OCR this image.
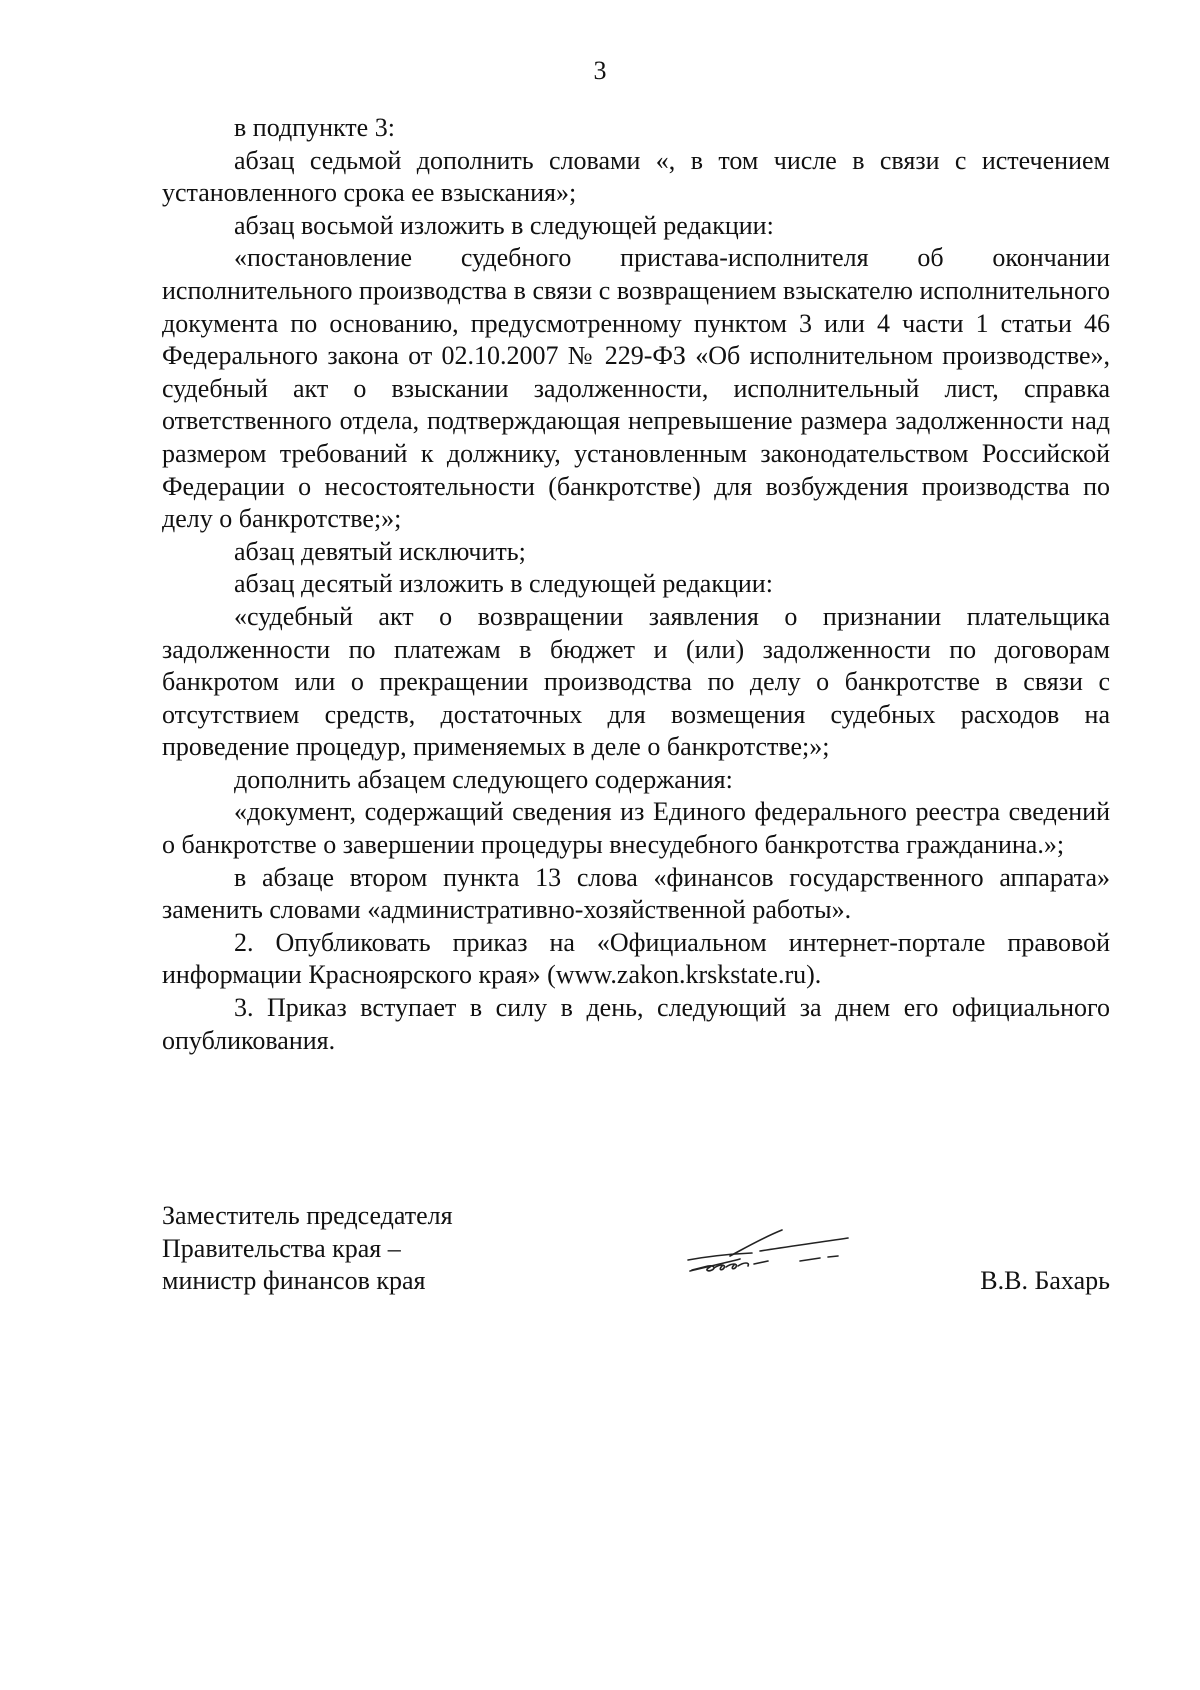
3

в подпункте 3:

абзац седьмой дополнить словами «, в том числе в связи с истечением установленного срока ее взыскания»;

абзац восьмой изложить в следующей редакции:

«постановление судебного пристава-исполнителя об окончании исполнительного производства в связи с возвращением взыскателю исполнительного документа по основанию, предусмотренному пунктом 3 или 4 части 1 статьи 46 Федерального закона от 02.10.2007 № 229-ФЗ «Об исполнительном производстве», судебный акт о взыскании задолженности, исполнительный лист, справка ответственного отдела, подтверждающая непревышение размера задолженности над размером требований к должнику, установленным законодательством Российской Федерации о несостоятельности (банкротстве) для возбуждения производства по делу о банкротстве;»;

абзац девятый исключить;

абзац десятый изложить в следующей редакции:

«судебный акт о возвращении заявления о признании плательщика задолженности по платежам в бюджет и (или) задолженности по договорам банкротом или о прекращении производства по делу о банкротстве в связи с отсутствием средств, достаточных для возмещения судебных расходов на проведение процедур, применяемых в деле о банкротстве;»;

дополнить абзацем следующего содержания:

«документ, содержащий сведения из Единого федерального реестра сведений о банкротстве о завершении процедуры внесудебного банкротства гражданина.»;

в абзаце втором пункта 13 слова «финансов государственного аппарата» заменить словами «административно-хозяйственной работы».

2. Опубликовать приказ на «Официальном интернет-портале правовой информации Красноярского края» (www.zakon.krskstate.ru).

3. Приказ вступает в силу в день, следующий за днем его официального опубликования.

Заместитель председателя
Правительства края –
министр финансов края	В.В. Бахарь
